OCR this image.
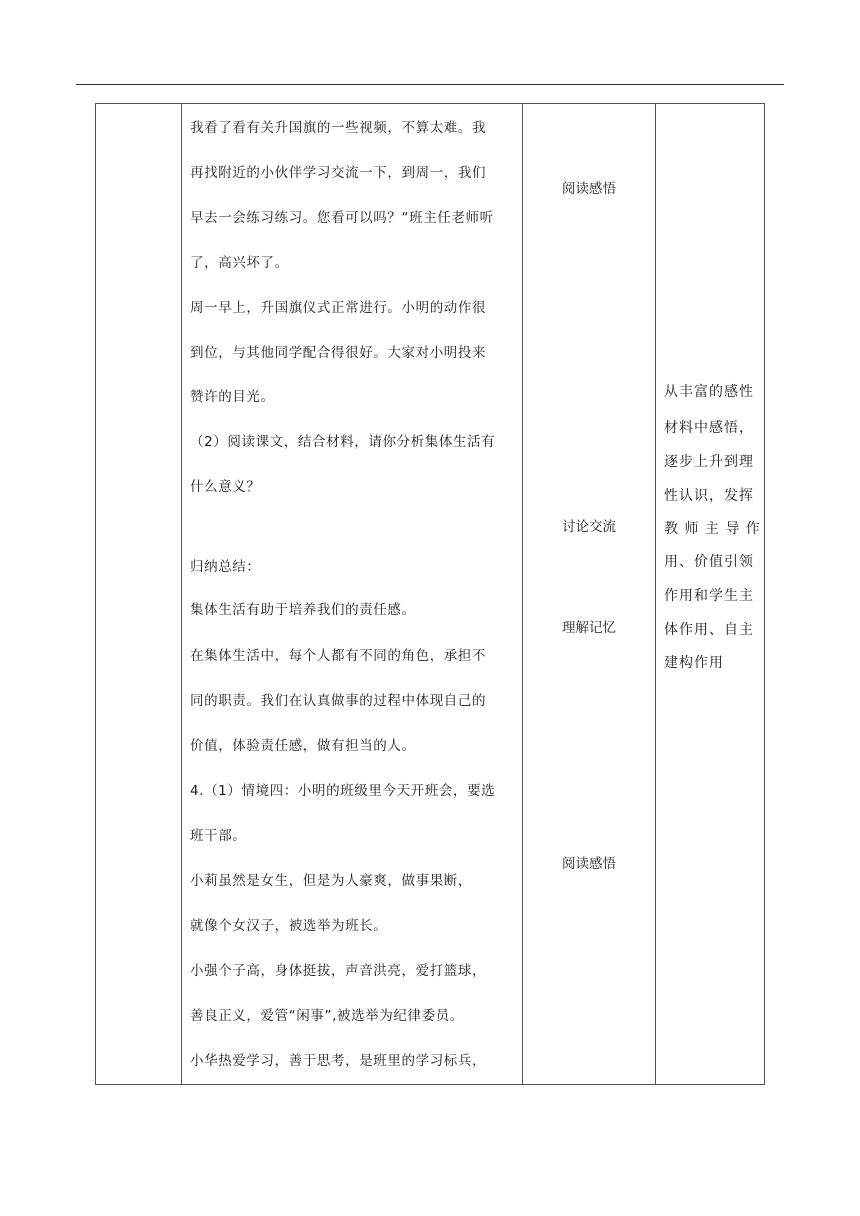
我看了看有关升国旗的一些视频，不算太难。我
再找附近的小伙伴学习交流一下，到周一，我们
早去一会练习练习。您看可以吗？“班主任老师听
了，高兴坏了。
周一早上，升国旗仪式正常进行。小明的动作很
到位，与其他同学配合得很好。大家对小明投来
赞许的目光。
（2）阅读课文，结合材料，请你分析集体生活有
什么意义？
归纳总结：
集体生活有助于培养我们的责任感。
在集体生活中，每个人都有不同的角色，承担不
同的职责。我们在认真做事的过程中体现自己的
价值，体验责任感，做有担当的人。
4.（1）情境四：小明的班级里今天开班会，要选
班干部。
小莉虽然是女生，但是为人豪爽，做事果断，
就像个女汉子，被选举为班长。
小强个子高，身体挺拔，声音洪亮，爱打篮球，
善良正义，爱管“闲事”,被选举为纪律委员。
小华热爱学习，善于思考，是班里的学习标兵，
阅读感悟
讨论交流
理解记忆
阅读感悟
从丰富的感性
材料中感悟，
逐步上升到理
性认识，发挥
教 师 主 导 作
用、价值引领
作用和学生主
体作用、自主
建构作用
